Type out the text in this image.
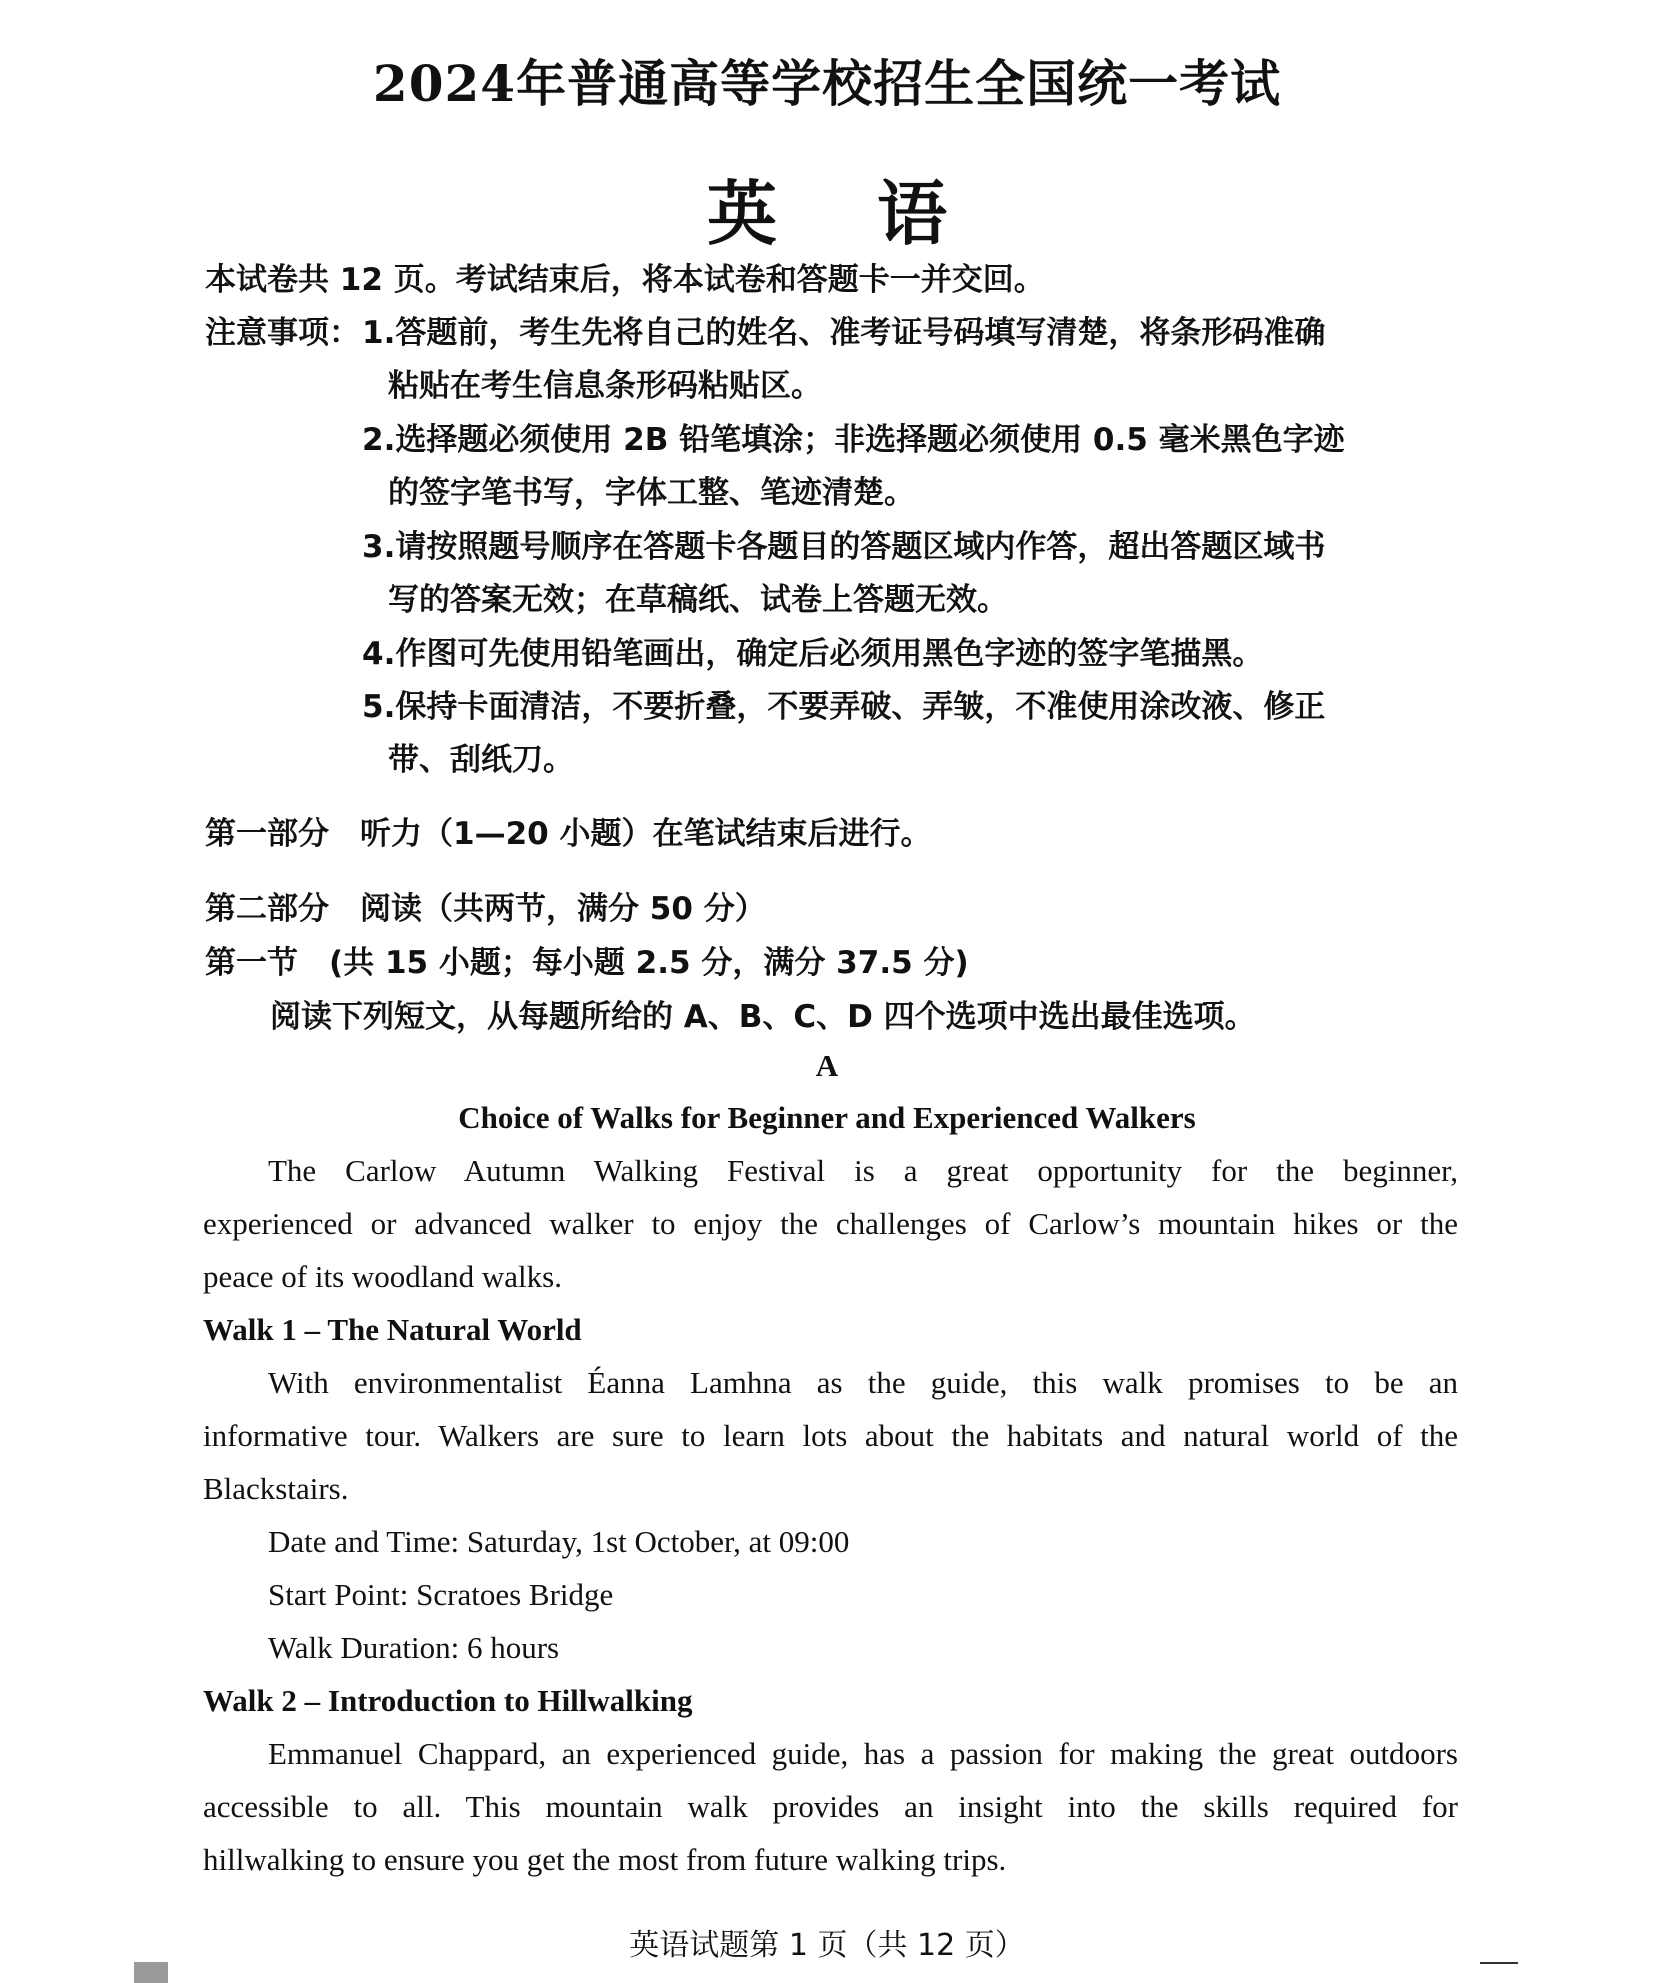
2024年普通高等学校招生全国统一考试
英语
本试卷共 12 页。考试结束后，将本试卷和答题卡一并交回。
注意事项： 1.答题前，考生先将自己的姓名、准考证号码填写清楚，将条形码准确
粘贴在考生信息条形码粘贴区。
2.选择题必须使用 2B 铅笔填涂；非选择题必须使用 0.5 毫米黑色字迹
的签字笔书写，字体工整、笔迹清楚。
3.请按照题号顺序在答题卡各题目的答题区域内作答，超出答题区域书
写的答案无效；在草稿纸、试卷上答题无效。
4.作图可先使用铅笔画出，确定后必须用黑色字迹的签字笔描黑。
5.保持卡面清洁，不要折叠，不要弄破、弄皱，不准使用涂改液、修正
带、刮纸刀。
第一部分　听力（1—20 小题）在笔试结束后进行。
第二部分　阅读（共两节，满分 50 分）
第一节　(共 15 小题；每小题 2.5 分，满分 37.5 分)
阅读下列短文，从每题所给的 A、B、C、D 四个选项中选出最佳选项。
A
Choice of Walks for Beginner and Experienced Walkers
The Carlow Autumn Walking Festival is a great opportunity for the beginner,
experienced or advanced walker to enjoy the challenges of Carlow’s mountain hikes or the
peace of its woodland walks.
Walk 1 – The Natural World
With environmentalist Éanna Lamhna as the guide, this walk promises to be an
informative tour. Walkers are sure to learn lots about the habitats and natural world of the
Blackstairs.
Date and Time: Saturday, 1st October, at 09:00
Start Point: Scratoes Bridge
Walk Duration: 6 hours
Walk 2 – Introduction to Hillwalking
Emmanuel Chappard, an experienced guide, has a passion for making the great outdoors
accessible to all. This mountain walk provides an insight into the skills required for
hillwalking to ensure you get the most from future walking trips.
英语试题第 1 页（共 12 页）
